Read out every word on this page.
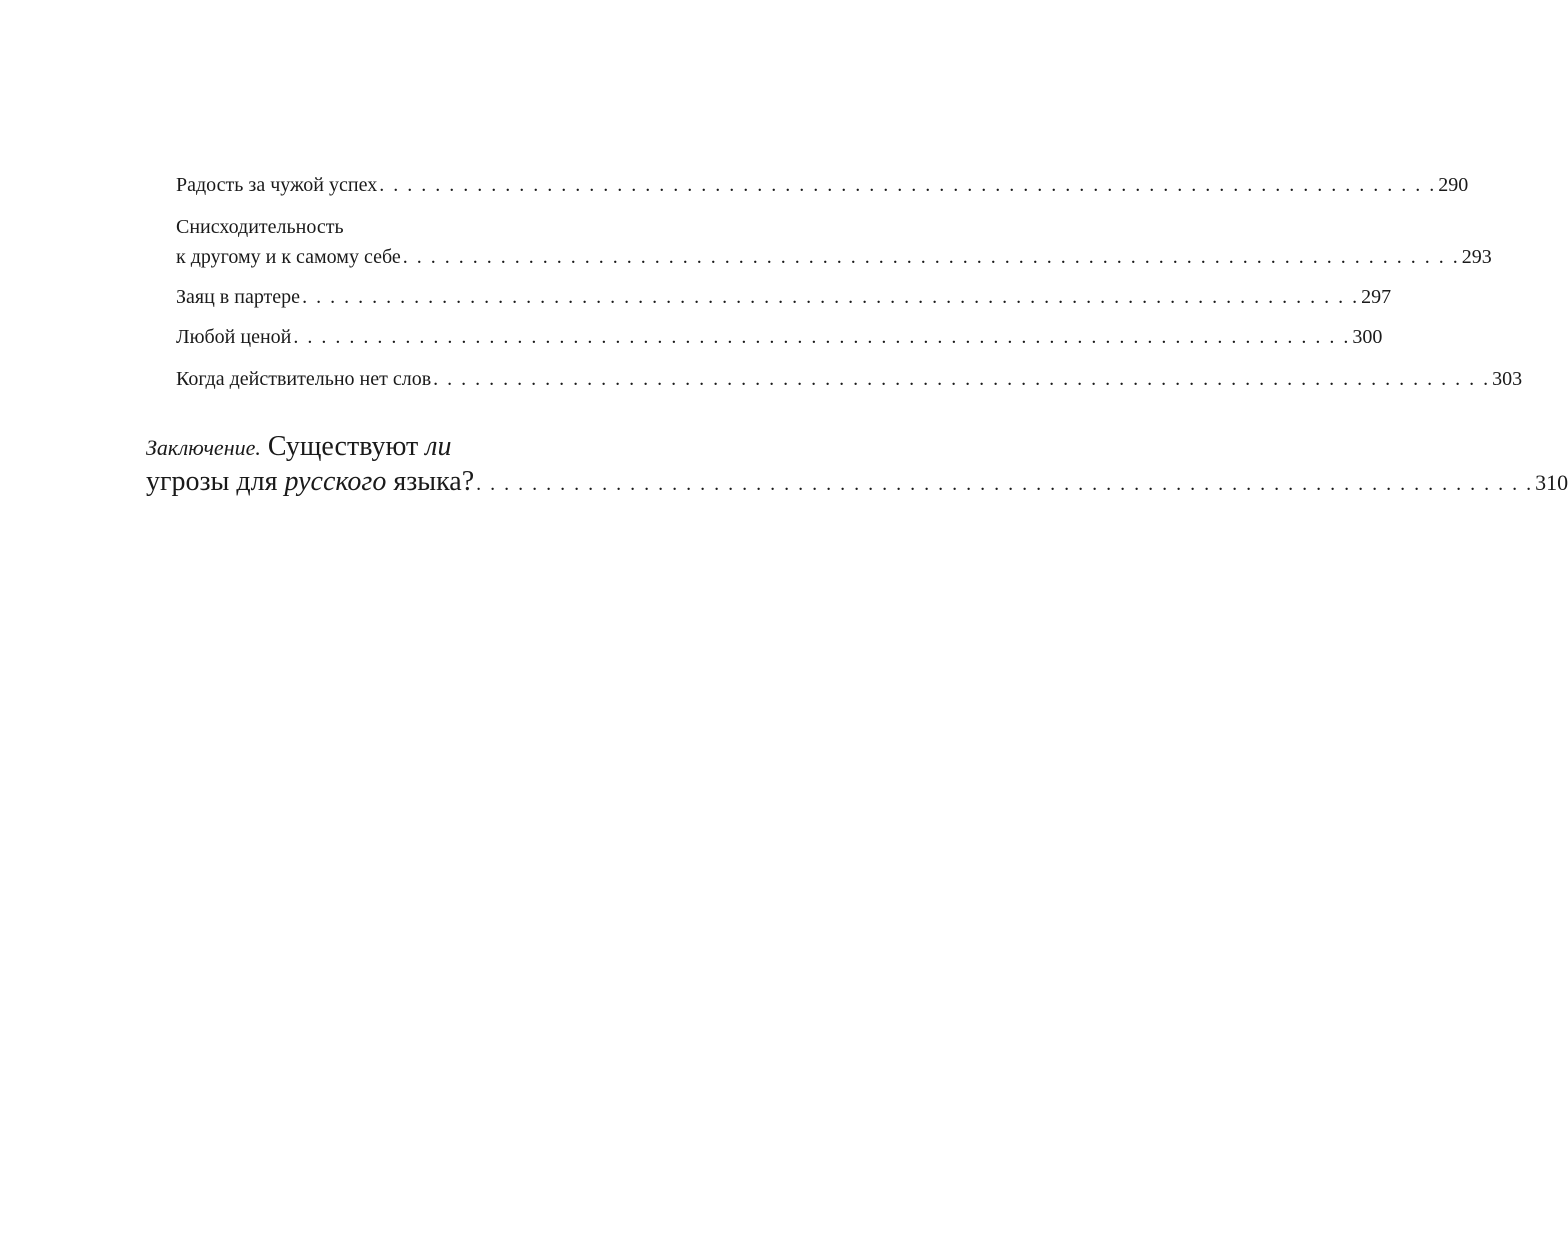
Радость за чужой успех . . . . . . . . . . . . . . . . . . . . . . . . . . . . . . . . . . . . . . . . . . . . . . . . . . . . . . . . . . . . . . . . . . . . . . . . . . . . 290
Снисходительность
к другому и к самому себе . . . . . . . . . . . . . . . . . . . . . . . . . . . . . . . . . . . . . . . . . . . . . . . . . . . . . . . . . . . . . . . . . . . . . . . . . . . . 293
Заяц в партере . . . . . . . . . . . . . . . . . . . . . . . . . . . . . . . . . . . . . . . . . . . . . . . . . . . . . . . . . . . . . . . . . . . . . . . . . . . . 297
Любой ценой . . . . . . . . . . . . . . . . . . . . . . . . . . . . . . . . . . . . . . . . . . . . . . . . . . . . . . . . . . . . . . . . . . . . . . . . . . . . 300
Когда действительно нет слов . . . . . . . . . . . . . . . . . . . . . . . . . . . . . . . . . . . . . . . . . . . . . . . . . . . . . . . . . . . . . . . . . . . . . . . . . . . . 303
Заключение. Существуют ли
угрозы для русского языка? . . . . . . . . . . . . . . . . . . . . . . . . . . . . . . . . . . . . . . . . . . . . . . . . . . . . . . . . . . . . . . . . . . . . . . . . . . . . 310
